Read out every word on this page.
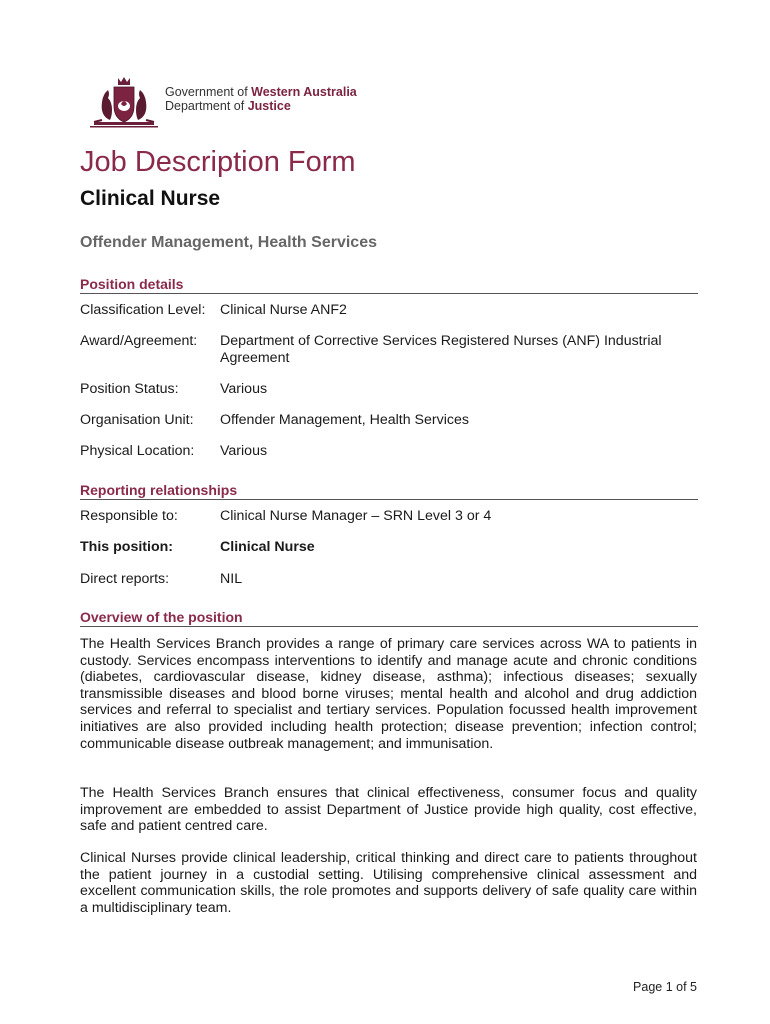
Government of Western Australia
Department of Justice
Job Description Form
Clinical Nurse
Offender Management, Health Services
Position details
Classification Level: Clinical Nurse ANF2
Award/Agreement: Department of Corrective Services Registered Nurses (ANF) Industrial Agreement
Position Status:	Various
Organisation Unit: Offender Management, Health Services
Physical Location: Various
Reporting relationships
Responsible to:	Clinical Nurse Manager – SRN Level 3 or 4
This position:	Clinical Nurse
Direct reports:	NIL
Overview of the position

The Health Services Branch provides a range of primary care services across WA to patients in custody. Services encompass interventions to identify and manage acute and chronic conditions (diabetes, cardiovascular disease, kidney disease, asthma); infectious diseases; sexually transmissible diseases and blood borne viruses; mental health and alcohol and drug addiction services and referral to specialist and tertiary services. Population focussed health improvement initiatives are also provided including health protection; disease prevention; infection control; communicable disease outbreak management; and immunisation.

The Health Services Branch ensures that clinical effectiveness, consumer focus and quality improvement are embedded to assist Department of Justice provide high quality, cost effective, safe and patient centred care.

Clinical Nurses provide clinical leadership, critical thinking and direct care to patients throughout the patient journey in a custodial setting. Utilising comprehensive clinical assessment and excellent communication skills, the role promotes and supports delivery of safe quality care within a multidisciplinary team.

Page 1 of 5
